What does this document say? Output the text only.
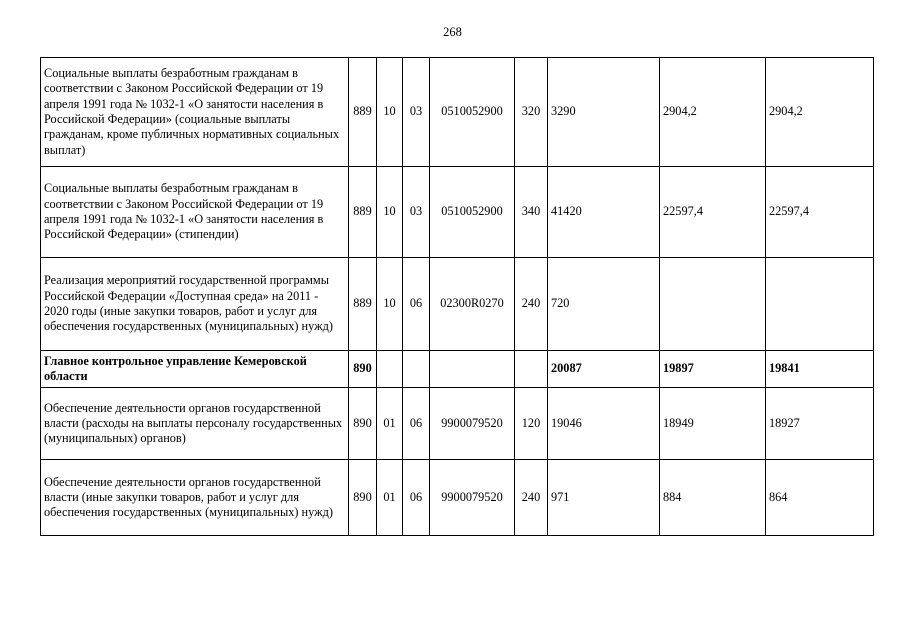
268
Социальные выплаты безработным гражданам в соответствии с Законом Российской Федерации от 19 апреля 1991 года № 1032-1 «О занятости населения в Российской Федерации» (социальные выплаты гражданам, кроме публичных нормативных социальных выплат)	889	10	03	0510052900	320	3290	2904,2	2904,2
Социальные выплаты безработным гражданам в соответствии с Законом Российской Федерации от 19 апреля 1991 года № 1032-1 «О занятости населения в Российской Федерации» (стипендии)	889	10	03	0510052900	340	41420	22597,4	22597,4
Реализация мероприятий государственной программы Российской Федерации «Доступная среда» на 2011 - 2020 годы (иные закупки товаров, работ и услуг для обеспечения государственных (муниципальных) нужд)	889	10	06	02300R0270	240	720		
Главное контрольное управление Кемеровской области	890					20087	19897	19841
Обеспечение деятельности органов государственной власти (расходы на выплаты персоналу государственных (муниципальных) органов)	890	01	06	9900079520	120	19046	18949	18927
Обеспечение деятельности органов государственной власти (иные закупки товаров, работ и услуг для обеспечения государственных (муниципальных) нужд)	890	01	06	9900079520	240	971	884	864
